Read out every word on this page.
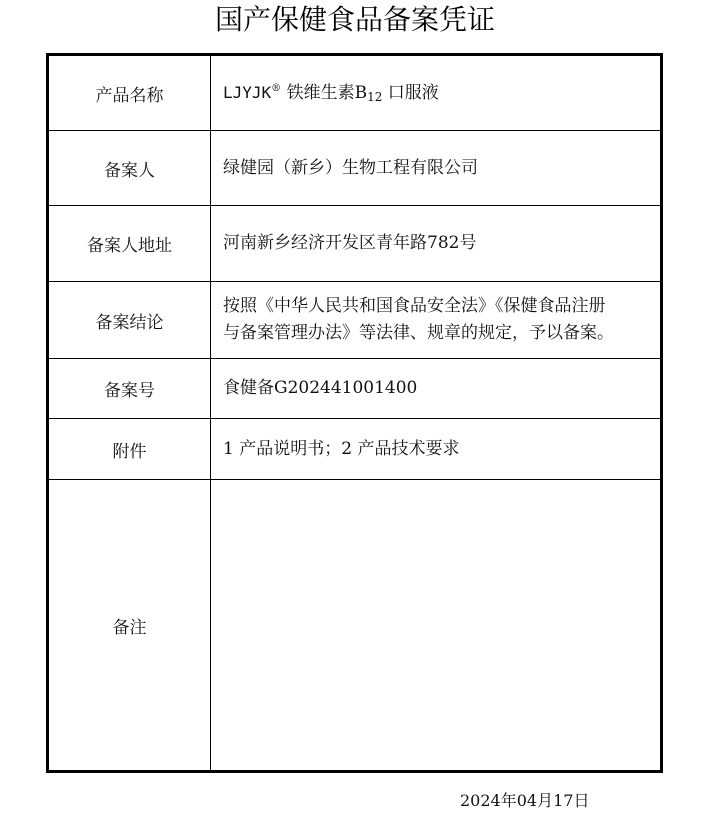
国产保健食品备案凭证
产品名称	LJYJK® 铁维生素$B_{12}$ 口服液
备案人	绿健园（新乡）生物工程有限公司
备案人地址	河南新乡经济开发区青年路782号
备案结论	按照《中华人民共和国食品安全法》《保健食品注册
与备案管理办法》等法律、规章的规定，予以备案。

备案号	食健备G202441001400
附件	1 产品说明书；2 产品技术要求
备注	
2024年04月17日
